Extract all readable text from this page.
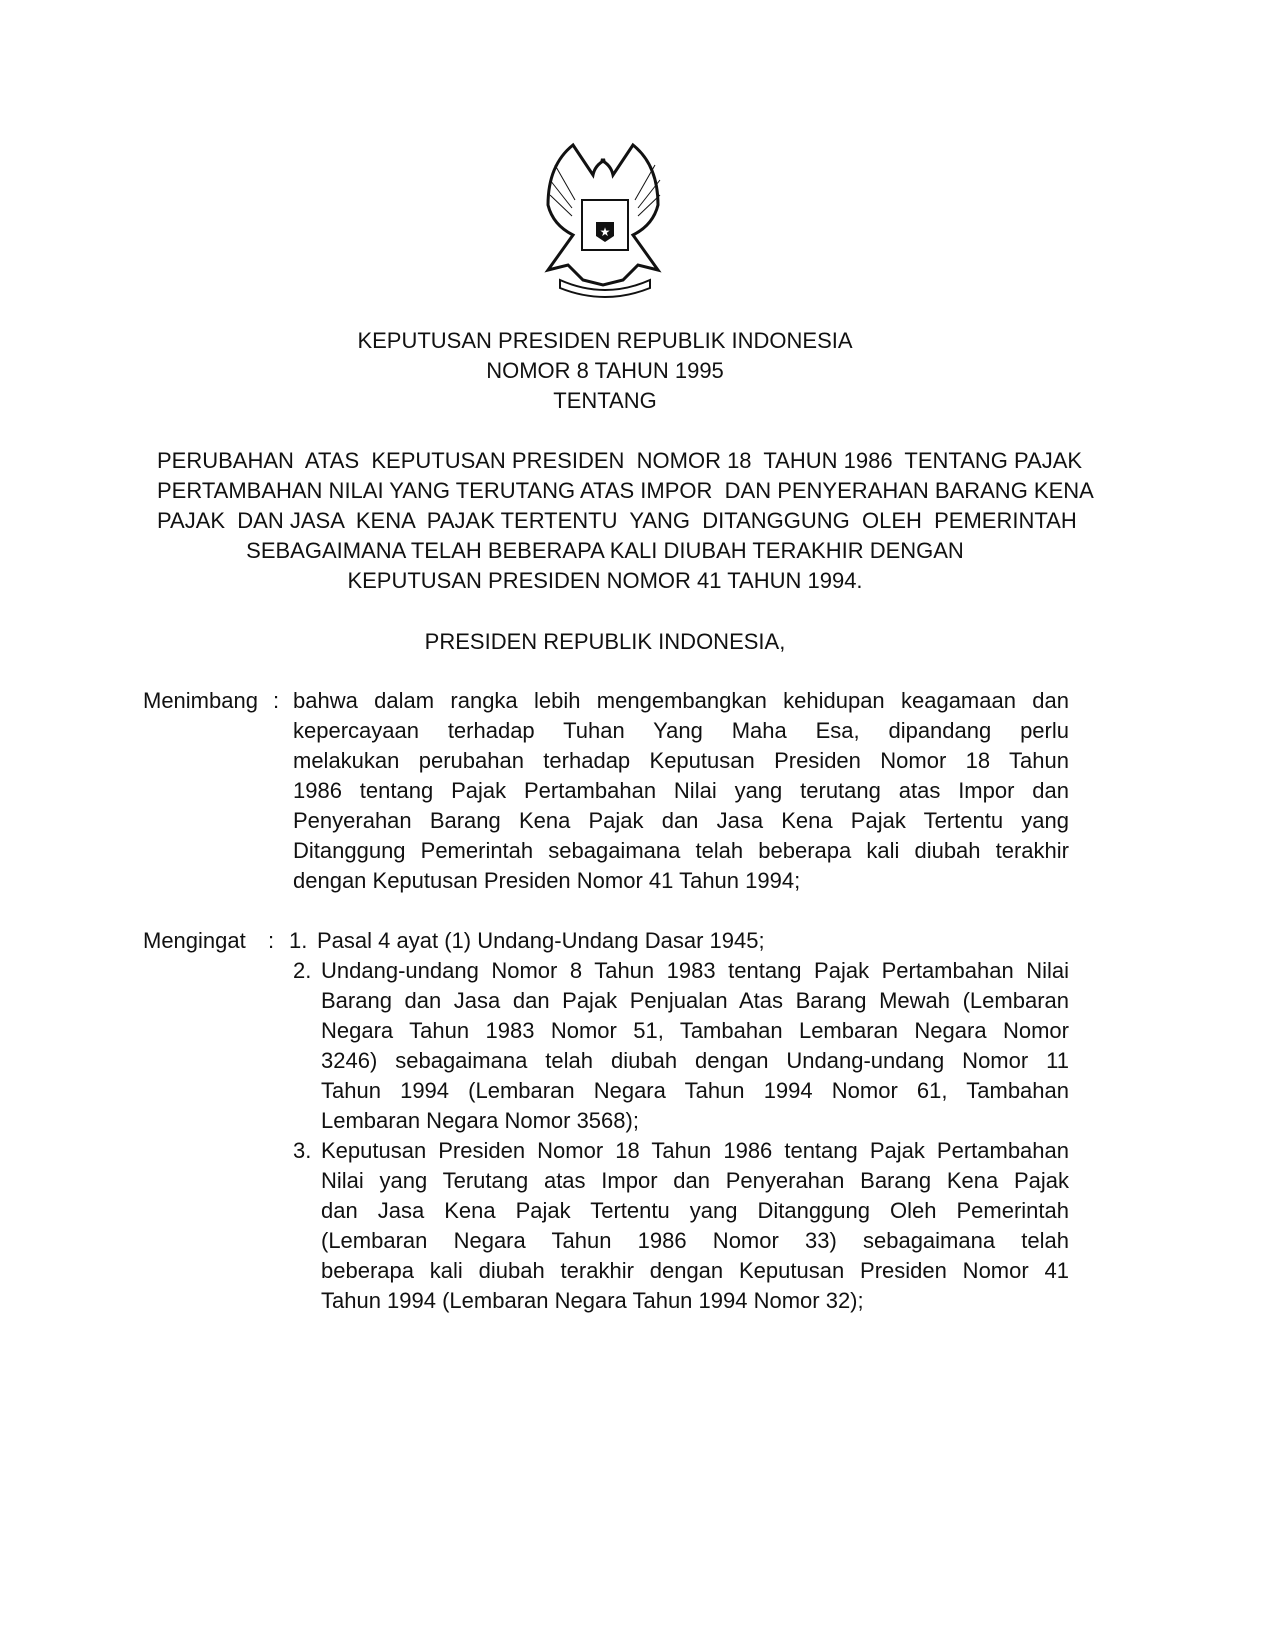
★
KEPUTUSAN PRESIDEN REPUBLIK INDONESIA
NOMOR 8 TAHUN 1995
TENTANG
PERUBAHAN  ATAS  KEPUTUSAN PRESIDEN  NOMOR 18  TAHUN 1986  TENTANG PAJAK
PERTAMBAHAN NILAI YANG TERUTANG ATAS IMPOR  DAN PENYERAHAN BARANG KENA
PAJAK  DAN JASA  KENA  PAJAK TERTENTU  YANG  DITANGGUNG  OLEH  PEMERINTAH
SEBAGAIMANA TELAH BEBERAPA KALI DIUBAH TERAKHIR DENGAN
KEPUTUSAN PRESIDEN NOMOR 41 TAHUN 1994.
PRESIDEN REPUBLIK INDONESIA,
Menimbang : bahwa dalam rangka lebih mengembangkan kehidupan keagamaan dan
kepercayaan terhadap Tuhan Yang Maha Esa, dipandang perlu
melakukan perubahan terhadap Keputusan Presiden Nomor 18 Tahun
1986 tentang Pajak Pertambahan Nilai yang terutang atas Impor dan
Penyerahan Barang Kena Pajak dan Jasa Kena Pajak Tertentu yang
Ditanggung Pemerintah sebagaimana telah beberapa kali diubah terakhir
dengan Keputusan Presiden Nomor 41 Tahun 1994;
Mengingat : 1. Pasal 4 ayat (1) Undang-Undang Dasar 1945;
2. Undang-undang Nomor 8 Tahun 1983 tentang Pajak Pertambahan Nilai
Barang dan Jasa dan Pajak Penjualan Atas Barang Mewah (Lembaran
Negara Tahun 1983 Nomor 51, Tambahan Lembaran Negara Nomor
3246) sebagaimana telah diubah dengan Undang-undang Nomor 11
Tahun 1994 (Lembaran Negara Tahun 1994 Nomor 61, Tambahan
Lembaran Negara Nomor 3568);
3. Keputusan Presiden Nomor 18 Tahun 1986 tentang Pajak Pertambahan
Nilai yang Terutang atas Impor dan Penyerahan Barang Kena Pajak
dan Jasa Kena Pajak Tertentu yang Ditanggung Oleh Pemerintah
(Lembaran Negara Tahun 1986 Nomor 33) sebagaimana telah
beberapa kali diubah terakhir dengan Keputusan Presiden Nomor 41
Tahun 1994 (Lembaran Negara Tahun 1994 Nomor 32);
